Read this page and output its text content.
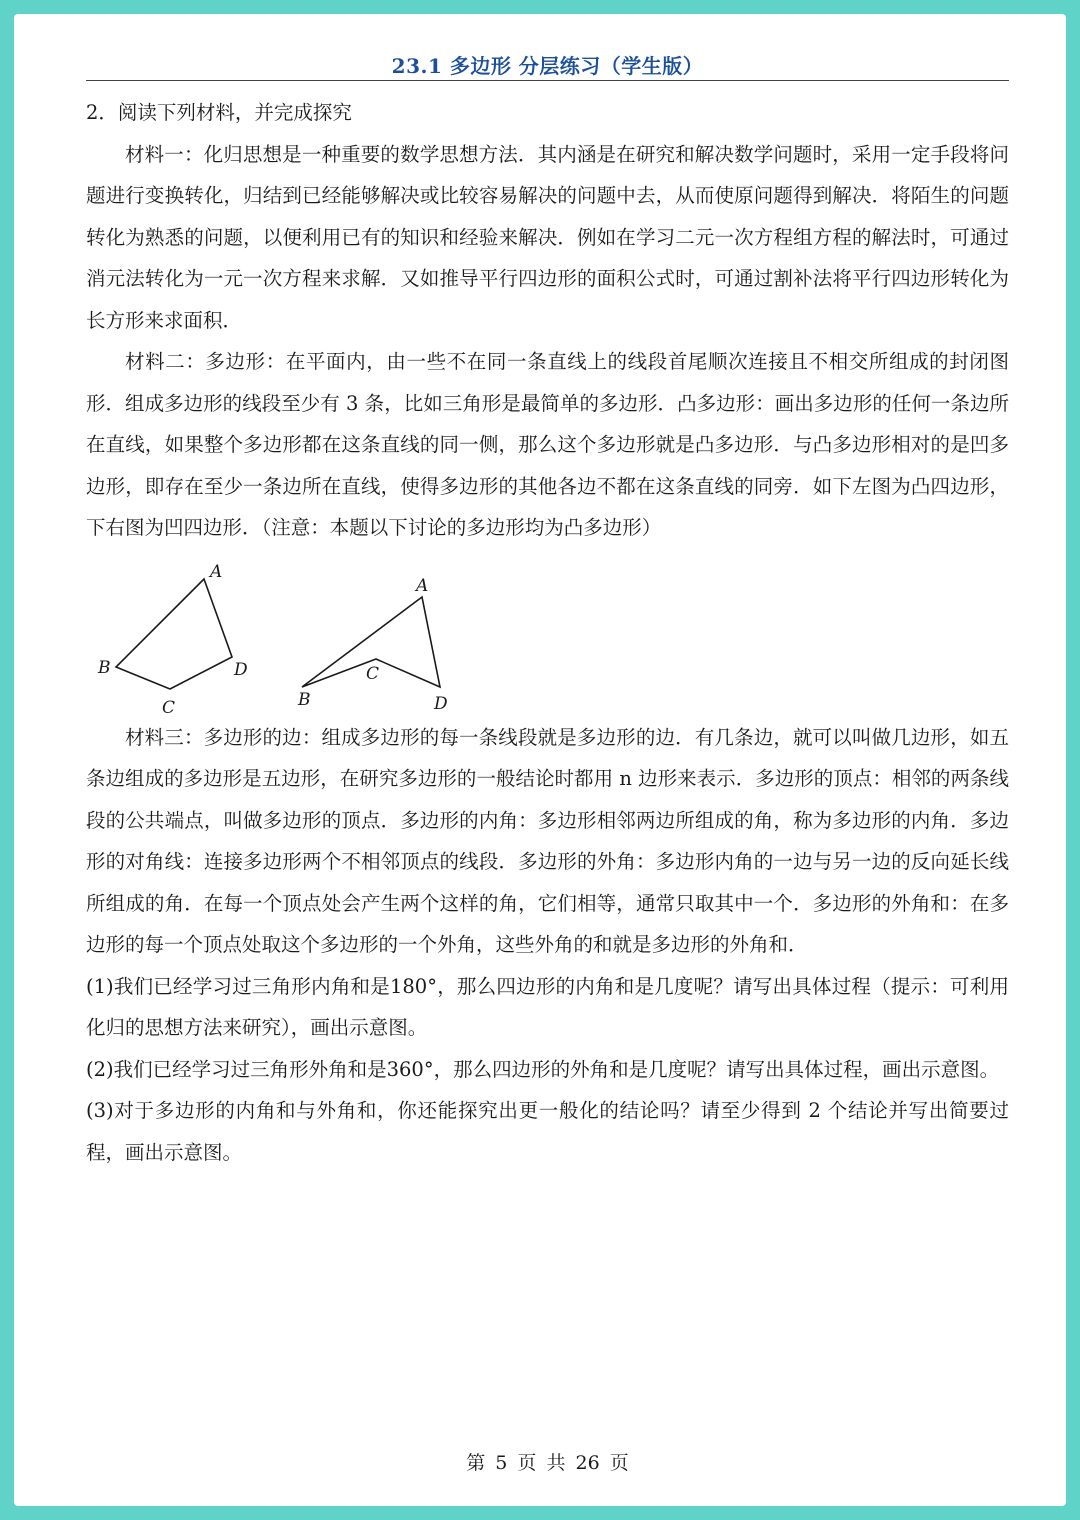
23.1 多边形 分层练习（学生版）

2．阅读下列材料，并完成探究

材料一：化归思想是一种重要的数学思想方法．其内涵是在研究和解决数学问题时，采用一定手段将问题进行变换转化，归结到已经能够解决或比较容易解决的问题中去，从而使原问题得到解决．将陌生的问题转化为熟悉的问题，以便利用已有的知识和经验来解决．例如在学习二元一次方程组方程的解法时，可通过消元法转化为一元一次方程来求解．又如推导平行四边形的面积公式时，可通过割补法将平行四边形转化为长方形来求面积．

材料二：多边形：在平面内，由一些不在同一条直线上的线段首尾顺次连接且不相交所组成的封闭图形．组成多边形的线段至少有 3 条，比如三角形是最简单的多边形．凸多边形：画出多边形的任何一条边所在直线，如果整个多边形都在这条直线的同一侧，那么这个多边形就是凸多边形．与凸多边形相对的是凹多边形，即存在至少一条边所在直线，使得多边形的其他各边不都在这条直线的同旁．如下左图为凸四边形，下右图为凹四边形．（注意：本题以下讨论的多边形均为凸多边形）

A
B
C
D
A
B
C
D

材料三：多边形的边：组成多边形的每一条线段就是多边形的边．有几条边，就可以叫做几边形，如五条边组成的多边形是五边形，在研究多边形的一般结论时都用 n 边形来表示．多边形的顶点：相邻的两条线段的公共端点，叫做多边形的顶点．多边形的内角：多边形相邻两边所组成的角，称为多边形的内角．多边形的对角线：连接多边形两个不相邻顶点的线段．多边形的外角：多边形内角的一边与另一边的反向延长线所组成的角．在每一个顶点处会产生两个这样的角，它们相等，通常只取其中一个．多边形的外角和：在多边形的每一个顶点处取这个多边形的一个外角，这些外角的和就是多边形的外角和．

(1)我们已经学习过三角形内角和是180°，那么四边形的内角和是几度呢？请写出具体过程（提示：可利用化归的思想方法来研究），画出示意图。

(2)我们已经学习过三角形外角和是360°，那么四边形的外角和是几度呢？请写出具体过程，画出示意图。

(3)对于多边形的内角和与外角和，你还能探究出更一般化的结论吗？请至少得到 2 个结论并写出简要过程，画出示意图。

第 5 页 共 26 页
